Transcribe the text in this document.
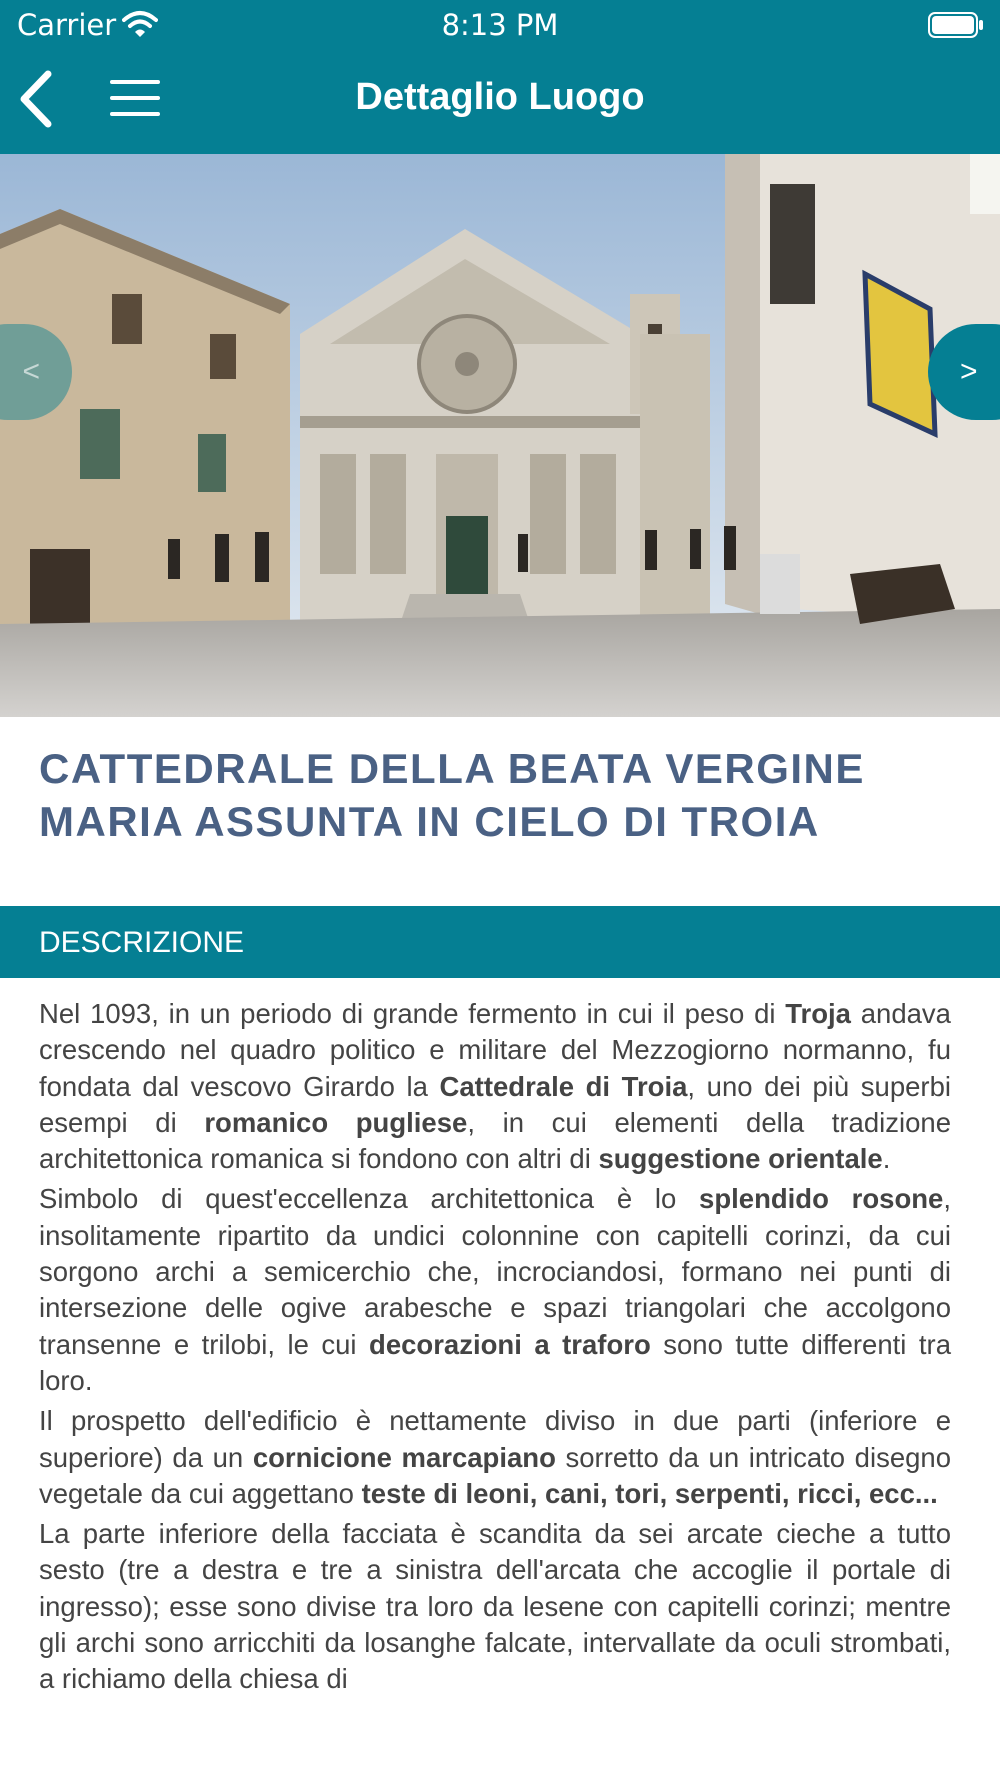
Carrier	8:13 PM
Dettaglio Luogo
<	>
CATTEDRALE DELLA BEATA VERGINE MARIA ASSUNTA IN CIELO DI TROIA
DESCRIZIONE

Nel 1093, in un periodo di grande fermento in cui il peso di Troja andava crescendo nel quadro politico e militare del Mezzogiorno normanno, fu fondata dal vescovo Girardo la Cattedrale di Troia, uno dei più superbi esempi di romanico pugliese, in cui elementi della tradizione architettonica romanica si fondono con altri di suggestione orientale.

Simbolo di quest'eccellenza architettonica è lo splendido rosone, insolitamente ripartito da undici colonnine con capitelli corinzi, da cui sorgono archi a semicerchio che, incrociandosi, formano nei punti di intersezione delle ogive arabesche e spazi triangolari che accolgono transenne e trilobi, le cui decorazioni a traforo sono tutte differenti tra loro.

Il prospetto dell'edificio è nettamente diviso in due parti (inferiore e superiore) da un cornicione marcapiano sorretto da un intricato disegno vegetale da cui aggettano teste di leoni, cani, tori, serpenti, ricci, ecc...

La parte inferiore della facciata è scandita da sei arcate cieche a tutto sesto (tre a destra e tre a sinistra dell'arcata che accoglie il portale di ingresso); esse sono divise tra loro da lesene con capitelli corinzi; mentre gli archi sono arricchiti da losanghe falcate, intervallate da oculi strombati, a richiamo della chiesa di
